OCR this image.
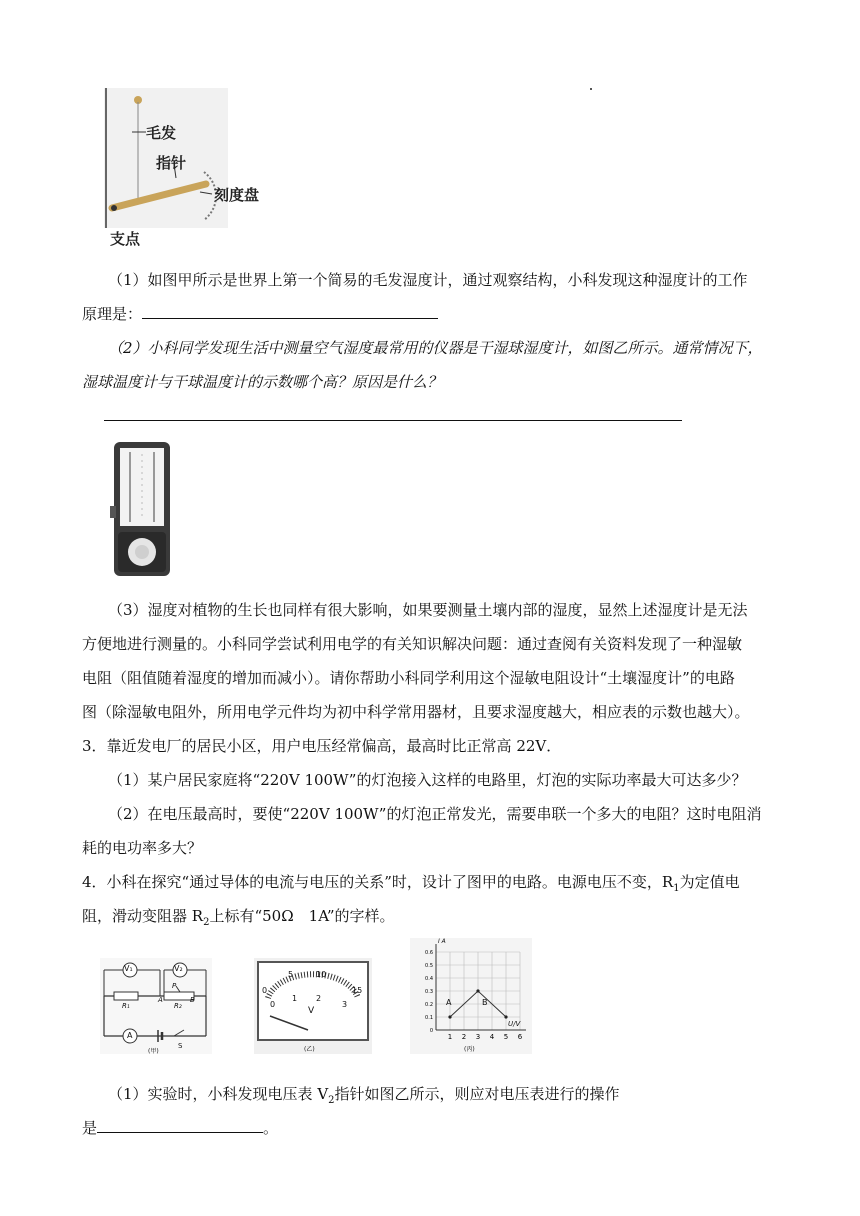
毛发
指针
刻度盘
支点
（1）如图甲所示是世界上第一个简易的毛发湿度计，通过观察结构，小科发现这种湿度计的工作
原理是：
（2）小科同学发现生活中测量空气湿度最常用的仪器是干湿球湿度计，如图乙所示。通常情况下，
湿球温度计与干球温度计的示数哪个高？原因是什么？
（3）湿度对植物的生长也同样有很大影响，如果要测量土壤内部的湿度，显然上述湿度计是无法
方便地进行测量的。小科同学尝试利用电学的有关知识解决问题：通过查阅有关资料发现了一种湿敏
电阻（阻值随着湿度的增加而减小）。请你帮助小科同学利用这个湿敏电阻设计“土壤湿度计”的电路
图（除湿敏电阻外，所用电学元件均为初中科学常用器材，且要求湿度越大，相应表的示数也越大）。
3．靠近发电厂的居民小区，用户电压经常偏高，最高时比正常高 22V．
（1）某户居民家庭将“220V 100W”的灯泡接入这样的电路里，灯泡的实际功率最大可达多少？
（2）在电压最高时，要使“220V 100W”的灯泡正常发光，需要串联一个多大的电阻？这时电阻消
耗的电功率多大？
4．小科在探究“通过导体的电流与电压的关系”时，设计了图甲的电路。电源电压不变，$R_1$为定值电
阻，滑动变阻器 $R_2$上标有“50Ω　1A”的字样。
V₁	V₂
R₁
A
P
R₂
B
A
S
(甲)
0
5	10
15
0
1 2
3
V
(乙)
1 2 3 4 5 6
0.6
0.5
0.4
0.3
0.2
0.1
0
I A
U/V
A	B
(丙)
（1）实验时，小科发现电压表 $V_2$指针如图乙所示，则应对电压表进行的操作
是	。
